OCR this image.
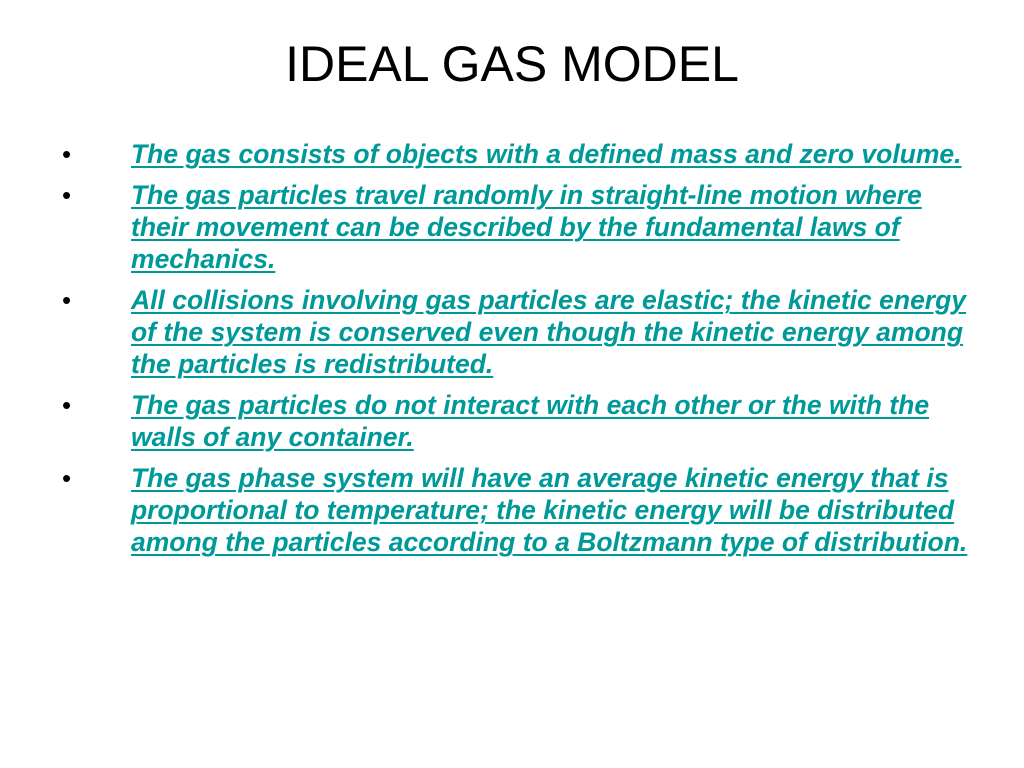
IDEAL GAS MODEL
• The gas consists of objects with a defined mass and zero volume.
• The gas particles travel randomly in straight-line motion where their movement can be described by the fundamental laws of mechanics.
• All collisions involving gas particles are elastic; the kinetic energy of the system is conserved even though the kinetic energy among the particles is redistributed.
• The gas particles do not interact with each other or the with the walls of any container.
• The gas phase system will have an average kinetic energy that is proportional to temperature; the kinetic energy will be distributed among the particles according to a Boltzmann type of distribution.
